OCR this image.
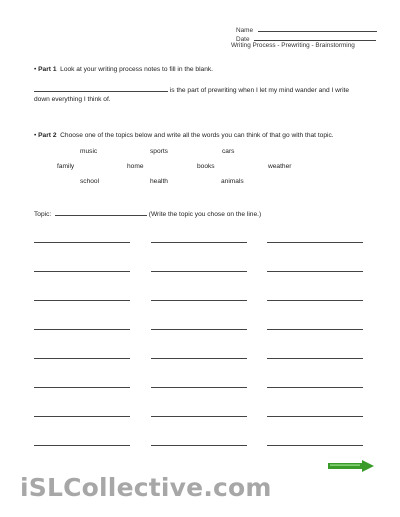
Name
Date
Writing Process - Prewriting - Brainstorming
• Part 1 Look at your writing process notes to fill in the blank.
is the part of prewriting when I let my mind wander and I write
down everything I think of.
• Part 2 Choose one of the topics below and write all the words you can think of that go with that topic.
music	sports	cars
family	home	books	weather
school	health	animals
Topic:	(Write the topic you chose on the line.)
iSLCollective.com
